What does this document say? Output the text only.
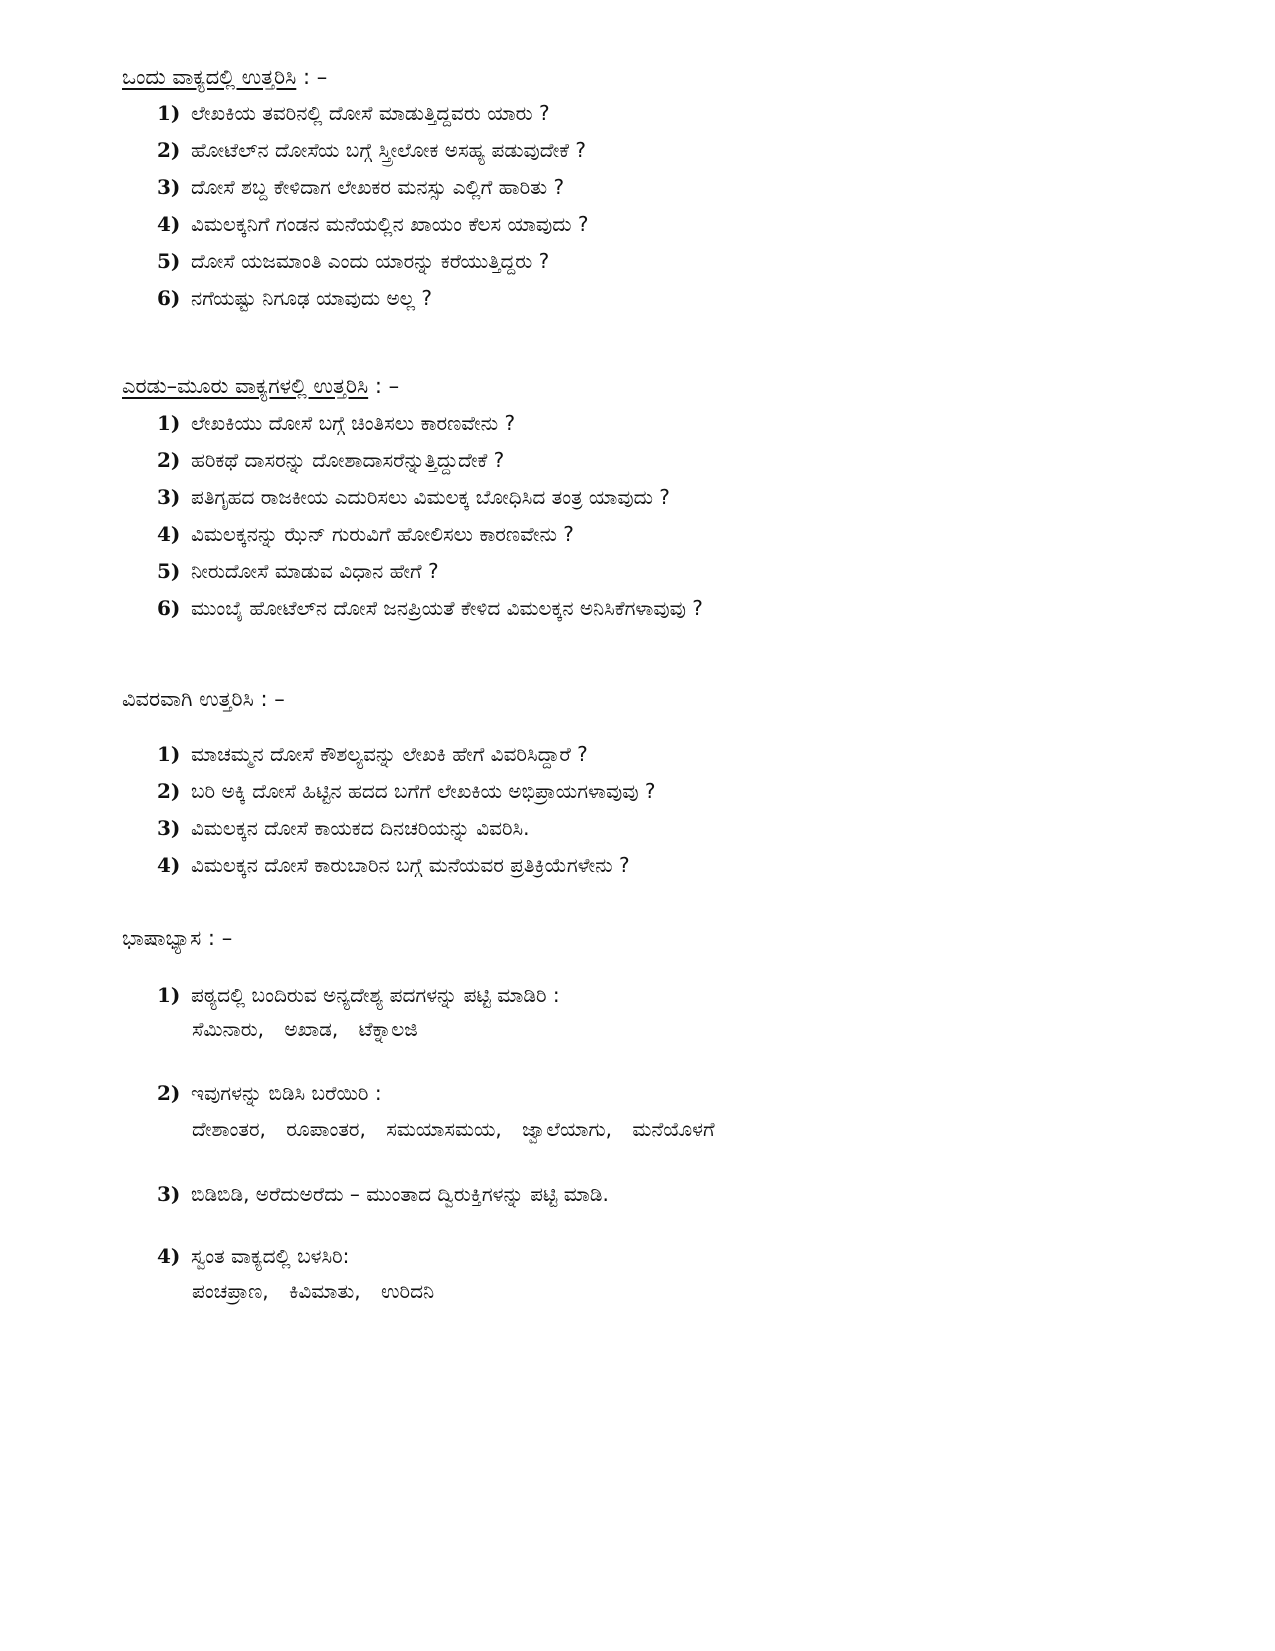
ಒಂದು ವಾಕ್ಯದಲ್ಲಿ ಉತ್ತರಿಸಿ : –
1) ಲೇಖಕಿಯ ತವರಿನಲ್ಲಿ ದೋಸೆ ಮಾಡುತ್ತಿದ್ದವರು ಯಾರು ?
2) ಹೋಟೆಲ್‌ನ ದೋಸೆಯ ಬಗ್ಗೆ ಸ್ತ್ರೀಲೋಕ ಅಸಹ್ಯ ಪಡುವುದೇಕೆ ?
3) ದೋಸೆ ಶಬ್ದ ಕೇಳಿದಾಗ ಲೇಖಕರ ಮನಸ್ಸು ಎಲ್ಲಿಗೆ ಹಾರಿತು ?
4) ವಿಮಲಕ್ಕನಿಗೆ ಗಂಡನ ಮನೆಯಲ್ಲಿನ ಖಾಯಂ ಕೆಲಸ ಯಾವುದು ?
5) ದೋಸೆ ಯಜಮಾಂತಿ ಎಂದು ಯಾರನ್ನು ಕರೆಯುತ್ತಿದ್ದರು ?
6) ನಗೆಯಷ್ಟು ನಿಗೂಢ ಯಾವುದು ಅಲ್ಲ ?
ಎರಡು–ಮೂರು ವಾಕ್ಯಗಳಲ್ಲಿ ಉತ್ತರಿಸಿ : –
1) ಲೇಖಕಿಯು ದೋಸೆ ಬಗ್ಗೆ ಚಿಂತಿಸಲು ಕಾರಣವೇನು ?
2) ಹರಿಕಥೆ ದಾಸರನ್ನು ದೋಶಾದಾಸರೆನ್ನುತ್ತಿದ್ದುದೇಕೆ ?
3) ಪತಿಗೃಹದ ರಾಜಕೀಯ ಎದುರಿಸಲು ವಿಮಲಕ್ಕ ಬೋಧಿಸಿದ ತಂತ್ರ ಯಾವುದು ?
4) ವಿಮಲಕ್ಕನನ್ನು ಝೆನ್ ಗುರುವಿಗೆ ಹೋಲಿಸಲು ಕಾರಣವೇನು ?
5) ನೀರುದೋಸೆ ಮಾಡುವ ವಿಧಾನ ಹೇಗೆ ?
6) ಮುಂಬೈ ಹೋಟೆಲ್‌ನ ದೋಸೆ ಜನಪ್ರಿಯತೆ ಕೇಳಿದ ವಿಮಲಕ್ಕನ ಅನಿಸಿಕೆಗಳಾವುವು ?
ವಿವರವಾಗಿ ಉತ್ತರಿಸಿ : –
1) ಮಾಚಮ್ಮನ ದೋಸೆ ಕೌಶಲ್ಯವನ್ನು ಲೇಖಕಿ ಹೇಗೆ ವಿವರಿಸಿದ್ದಾರೆ ?
2) ಬರಿ ಅಕ್ಕಿ ದೋಸೆ ಹಿಟ್ಟಿನ ಹದದ ಬಗೆಗೆ ಲೇಖಕಿಯ ಅಭಿಪ್ರಾಯಗಳಾವುವು ?
3) ವಿಮಲಕ್ಕನ ದೋಸೆ ಕಾಯಕದ ದಿನಚರಿಯನ್ನು ವಿವರಿಸಿ.
4) ವಿಮಲಕ್ಕನ ದೋಸೆ ಕಾರುಬಾರಿನ ಬಗ್ಗೆ ಮನೆಯವರ ಪ್ರತಿಕ್ರಿಯೆಗಳೇನು ?
ಭಾಷಾಭ್ಯಾಸ : –
1) ಪಠ್ಯದಲ್ಲಿ ಬಂದಿರುವ ಅನ್ಯದೇಶ್ಯ ಪದಗಳನ್ನು ಪಟ್ಟಿ ಮಾಡಿರಿ :
ಸೆಮಿನಾರು, ಅಖಾಡ, ಟೆಕ್ನಾಲಜಿ
2) ಇವುಗಳನ್ನು ಬಿಡಿಸಿ ಬರೆಯಿರಿ :
ದೇಶಾಂತರ, ರೂಪಾಂತರ, ಸಮಯಾಸಮಯ, ಜ್ವಾಲೆಯಾಗು, ಮನೆಯೊಳಗೆ
3) ಬಿಡಿಬಿಡಿ, ಅರೆದುಅರೆದು – ಮುಂತಾದ ದ್ವಿರುಕ್ತಿಗಳನ್ನು ಪಟ್ಟಿ ಮಾಡಿ.
4) ಸ್ವಂತ ವಾಕ್ಯದಲ್ಲಿ ಬಳಸಿರಿ:
ಪಂಚಪ್ರಾಣ, ಕಿವಿಮಾತು, ಉರಿದನಿ
